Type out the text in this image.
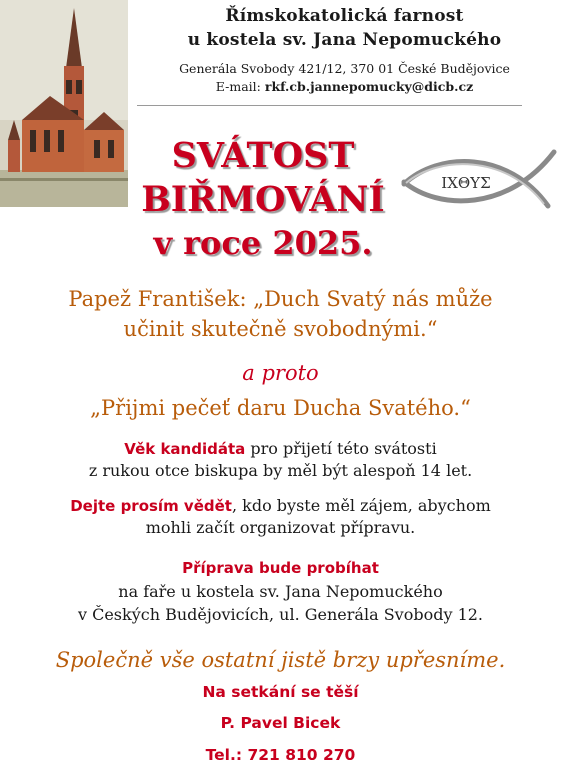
Římskokatolická farnost
u kostela sv. Jana Nepomuckého
Generála Svobody 421/12, 370 01 České Budějovice
E-mail: rkf.cb.jannepomucky@dicb.cz
SVÁTOST
BIŘMOVÁNÍ
v roce 2025.
ΙΧΘΥΣ
Papež František: „Duch Svatý nás může
učinit skutečně svobodnými.“
a proto
„Přijmi pečeť daru Ducha Svatého.“
Věk kandidáta pro přijetí této svátosti
z rukou otce biskupa by měl být alespoň 14 let.
Dejte prosím vědět, kdo byste měl zájem, abychom
mohli začít organizovat přípravu.
Příprava bude probíhat
na faře u kostela sv. Jana Nepomuckého
v Českých Budějovicích, ul. Generála Svobody 12.
Společně vše ostatní jistě brzy upřesníme.
Na setkání se těší
P. Pavel Bicek
Tel.: 721 810 270
